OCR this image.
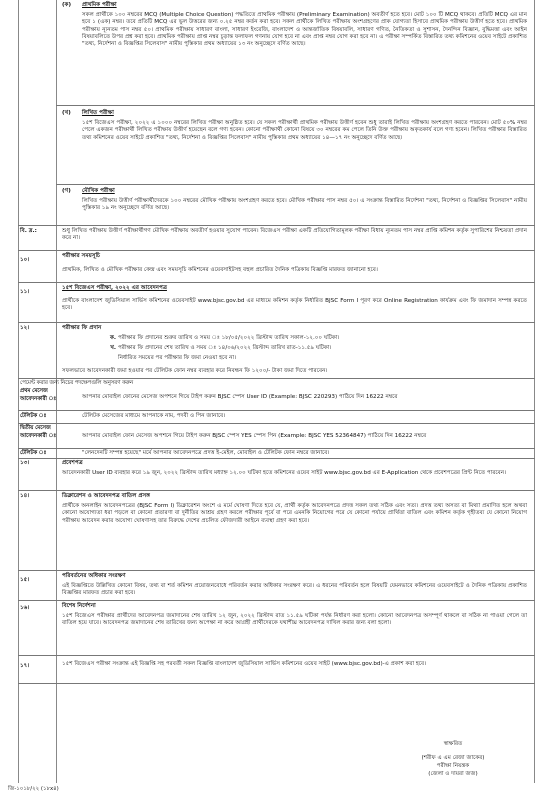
(ক)	প্রাথমিক পরীক্ষা
সকল প্রার্থীকে ১০০ নম্বরের MCQ (Multiple Choice Question) পদ্ধতিতে প্রাথমিক পরীক্ষায় (Preliminary Examination) অবতীর্ণ হতে হবে। মোট ১০০ টি MCQ থাকবে। প্রতিটি MCQ এর মান হবে ১ (এক) নম্বর। তবে প্রতিটি MCQ এর ভুল উত্তরের জন্য ০.২৫ নম্বর কর্তন করা হবে। সকল প্রার্থীকে লিখিত পরীক্ষায় অংশগ্রহণের প্রাক যোগ্যতা হিসাবে প্রাথমিক পরীক্ষায় উত্তীর্ণ হতে হবে। প্রাথমিক পরীক্ষায় ন্যূনতম পাস নম্বর ৫০। প্রাথমিক পরীক্ষায় সাধারণ বাংলা, সাধারণ ইংরেজি, বাংলাদেশ ও আন্তর্জাতিক বিষয়াবলি, সাধারণ গণিত, নৈতিকতা ও সুশাসন, দৈনন্দিন বিজ্ঞান, বুদ্ধিমত্তা এবং আইন বিষয়াবলিতে উপর প্রশ্ন করা হবে। প্রাথমিক পরীক্ষায় প্রাপ্ত নম্বর চূড়ান্ত ফলাফল গণনায় যোগ হবে না এবং প্রাপ্ত নম্বর যোগ করা হবে না। এ পরীক্ষা সম্পর্কিত বিস্তারিত তথ্য কমিশনের ওয়েব সাইটে প্রকাশিত "তথ্য, নির্দেশনা ও বিজ্ঞপ্তির সিলেবাস" নামীয় পুস্তিকার প্রথম অধ্যায়ের ১৩ নং অনুচ্ছেদে বর্ণিত আছে।
(খ)	লিখিত পরীক্ষা
১৫শ বিজেএস পরীক্ষা, ২০২২ এ ১০০০ নম্বরের লিখিত পরীক্ষা অনুষ্ঠিত হবে। যে সকল পরীক্ষার্থী প্রাথমিক পরীক্ষায় উত্তীর্ণ হবেন শুধু তারাই লিখিত পরীক্ষায় অংশগ্রহণ করতে পারবেন। মোট ৫০% নম্বর পেলে একজন পরীক্ষার্থী লিখিত পরীক্ষায় উত্তীর্ণ হয়েছেন বলে গণ্য হবেন। কোনো পরীক্ষার্থী কোনো বিষয়ে ৩০ নম্বরের কম পেলে তিনি উক্ত পরীক্ষায় অকৃতকার্য বলে গণ্য হবেন। লিখিত পরীক্ষার বিস্তারিত তথ্য কমিশনের ওয়েব সাইটে প্রকাশিত "তথ্য, নির্দেশনা ও বিজ্ঞপ্তির সিলেবাস" নামীয় পুস্তিকার প্রথম অধ্যায়ের ১৪—১৭ নং অনুচ্ছেদে বর্ণিত আছে।
(গ)	মৌখিক পরীক্ষা
লিখিত পরীক্ষায় উত্তীর্ণ পরীক্ষার্থীদেরকে ১০০ নম্বরের মৌখিক পরীক্ষায় অংশগ্রহণ করতে হবে। মৌখিক পরীক্ষার পাস নম্বর ৫০। এ সংক্রান্ত বিস্তারিত নির্দেশনা "তথ্য, নির্দেশনা ও বিজ্ঞপ্তির সিলেবাস" নামীয় পুস্তিকার ১৯ নং অনুচ্ছেদে বর্ণিত আছে।
বি. দ্র.:	শুধু লিখিত পরীক্ষায় উত্তীর্ণ পরীক্ষার্থীগণ মৌখিক পরীক্ষায় অবতীর্ণ হওয়ার সুযোগ পাবেন। বিজেএস পরীক্ষা একটি প্রতিযোগিতামূলক পরীক্ষা বিধায় ন্যূনতম পাস নম্বর প্রাপ্তি কমিশন কর্তৃক সুপারিশের নিশ্চয়তা প্রদান করে না।
১০।
পরীক্ষার সময়সূচি
প্রাথমিক, লিখিত ও মৌখিক পরীক্ষার কেন্দ্র এবং সময়সূচি কমিশনের ওয়েবসাইটসহ বহুল প্রচারিত দৈনিক পত্রিকায় বিজ্ঞপ্তি মারফত জানানো হবে।
১১।
১৫শ বিজেএস পরীক্ষা, ২০২২ এর আবেদনপত্র
প্রার্থীকে বাংলাদেশ জুডিসিয়াল সার্ভিস কমিশনের ওয়েবসাইট www.bjsc.gov.bd এর মাধ্যমে কমিশন কর্তৃক নির্ধারিত BJSC Form I পূরণ করে Online Registration কার্যক্রম এবং ফি জমাদান সম্পন্ন করতে হবে।
১২।	পরীক্ষার ফি প্রদান
ক. পরীক্ষার ফি প্রদানের শুরুর তারিখ ও সময় ঃ ১৮/০৫/২০২২ খ্রিস্টাব্দ তারিখ সকাল-১২.০০ ঘটিকা।
খ. পরীক্ষার ফি প্রদানের শেষ তারিখ ও সময় ঃ ১৪/০৬/২০২২ খ্রিস্টাব্দ তারিখ রাত-১১.৫৯ ঘটিকা।
নির্ধারিত সময়ের পর পরীক্ষার ফি জমা নেওয়া হবে না।
সফলভাবে আবেদনকারী জমা হওয়ার পর টেলিটক ফোন নম্বর ব্যবহার করে নিবন্ধন ফি ১২০০/- টাকা জমা দিতে পারবেন।
পেমেন্ট করার জন্য নিচের পদক্ষেপগুলি অনুসরণ করুন
প্রথম মেসেজ
আবেদনকারী ঃ	আপনার মোবাইল ফোনের মেসেজ অপশনে গিয়ে টাইপ করুন BJSC স্পেস User ID (Example: BJSC 220293) পাঠিয়ে দিন 16222 নম্বরে
টেলিটক ঃ	টেলিটক মেসেজের মাধ্যমে আপনাকে নাম, পদবী ও পিন জানাবে।
দ্বিতীয় মেসেজ
আবেদনকারী ঃ	আপনার মোবাইল ফোন মেসেজ অপশনে গিয়ে টাইপ করুন BJSC স্পেস YES স্পেস পিন (Example: BJSC YES 52364847) পাঠিয়ে দিন 16222 নম্বরে
টেলিটক ঃ	"লেনদেনটি সম্পন্ন হয়েছে" মর্মে আপনার আবেদনপত্রে প্রদত্ত ই-মেইল, মোবাইল ও টেলিটক ফোন নম্বরে জানাবে।
১৩।	প্রবেশপত্র
আবেদনকারী User ID ব্যবহার করে ১৯ জুন, ২০২২ খ্রিস্টাব্দ তারিখ মধ্যাহ্ন ১২.০০ ঘটিকা হতে কমিশনের ওয়েব সাইট www.bjsc.gov.bd এর E-Application থেকে প্রবেশপত্রের প্রিন্ট নিতে পারবেন।
১৪।	ডিক্লারেশন ও আবেদনপত্র বাতিল প্রসঙ্গ
প্রার্থীকে অনলাইন আবেদনপত্রের (BJSC Form I) ডিক্লারেশন অংশে এ মর্মে ঘোষণা দিতে হবে যে, প্রার্থী কর্তৃক আবেদনপত্রে প্রদত্ত সকল তথ্য সঠিক এবং সত্য। প্রদত্ত তথ্য অসত্য বা মিথ্যা প্রমাণিত হলে অথবা কোনো অযোগ্যতা ধরা পড়লে বা কোনো প্রতারণা বা দুর্নীতির আশ্রয় গ্রহণ করলে পরীক্ষার পূর্বে বা পরে এমনকি নিয়োগের পরে যে কোনো পর্যায়ে প্রার্থিতা বাতিল এবং কমিশন কর্তৃক গৃহীতব্য যে কোনো নিয়োগ পরীক্ষায় আবেদন করার অযোগ্য ঘোষণাসহ তার বিরুদ্ধে দেশের প্রচলিত ফৌজদারী আইনে ব্যবস্থা গ্রহণ করা হবে।
১৫।
পরিবর্তনের অধিকার সংরক্ষণ
এই বিজ্ঞপ্তিতে উল্লিখিত কোনো বিষয়, তথ্য বা শর্ত কমিশন প্রয়োজনবোধে পরিবর্তন করার অধিকার সংরক্ষণ করে। এ ধরনের পরিবর্তন হলে বিষয়টি যেমনভাবে কমিশনের ওয়েবসাইটে ও দৈনিক পত্রিকায় প্রকাশিত বিজ্ঞপ্তির মারফত প্রচার করা হবে।
১৬।	বিশেষ নির্দেশনা
১৫শ বিজেএস পরীক্ষার প্রার্থীদের আবেদনপত্র জমাদানের শেষ তারিখ ১২ জুন, ২০২২ খ্রিস্টাব্দ রাত ১১.৫৯ ঘটিকা পর্যন্ত নির্ধারণ করা হলো। কোনো আবেদনপত্র অসম্পূর্ণ থাকলে বা সঠিক না পাওয়া গেলে তা বাতিল হয়ে যাবে। আবেদনপত্র জমাদানের শেষ তারিখের জন্য অপেক্ষা না করে আগ্রহী প্রার্থীদেরকে যথাশীঘ্র আবেদনপত্র দাখিল করার জন্য বলা হলো।
১৭।	১৫শ বিজেএস পরীক্ষা সংক্রান্ত এই বিজ্ঞপ্তি সহ পরবর্তী সকল বিজ্ঞপ্তি বাংলাদেশ জুডিসিয়াল সার্ভিস কমিশনের ওয়েব সাইট (www.bjsc.gov.bd)-এ প্রকাশ করা হবে।
স্বাক্ষরিত
(শরীফ এ এম রেজা জাকের)
পরীক্ষা নিয়ন্ত্রক
(জেলা ও দায়রা জজ)
জি-১০১৮/২২ (১৮x৪)
